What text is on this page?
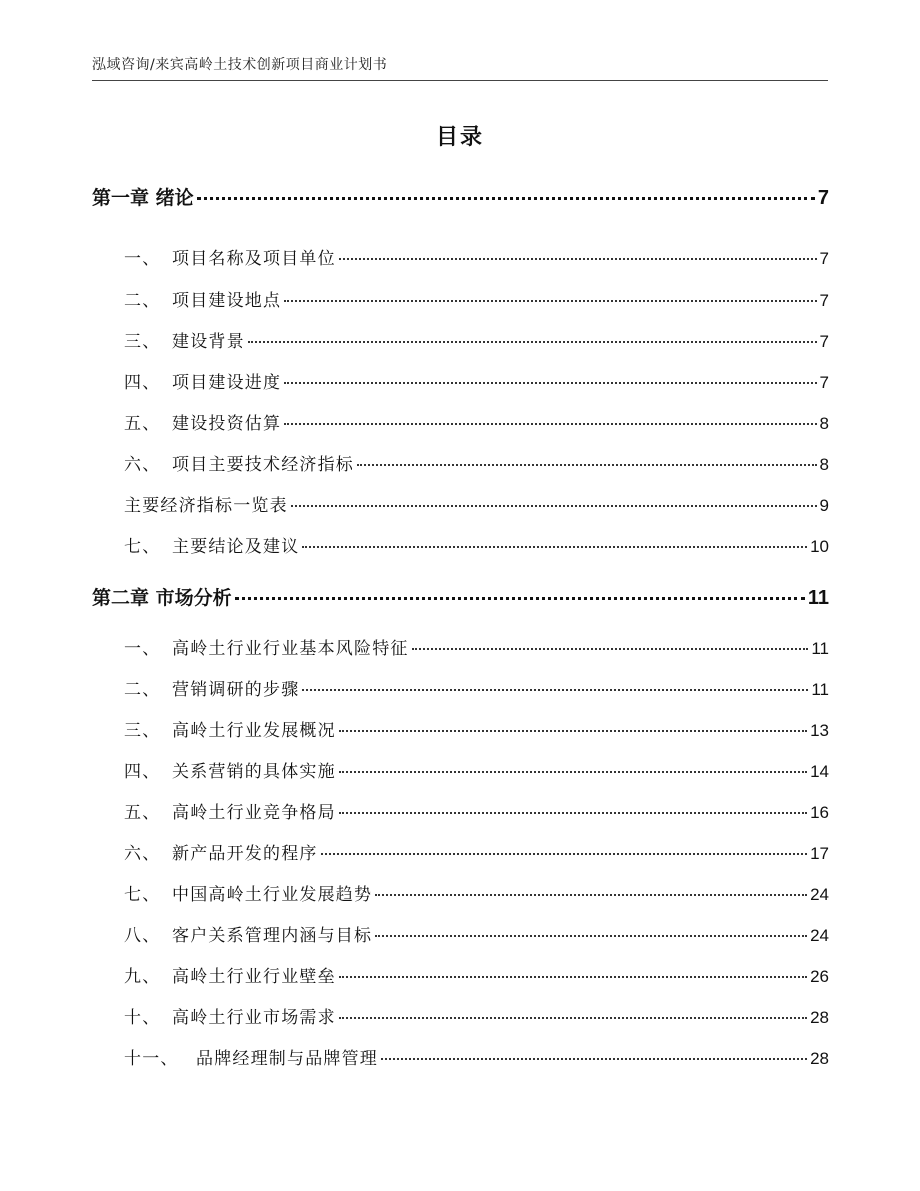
泓域咨询/来宾高岭土技术创新项目商业计划书
目录
第一章 绪论	7
一、 项目名称及项目单位	7
二、 项目建设地点	7
三、 建设背景	7
四、 项目建设进度	7
五、 建设投资估算	8
六、 项目主要技术经济指标	8
主要经济指标一览表	9
七、 主要结论及建议	10
第二章 市场分析	11
一、 高岭土行业行业基本风险特征	11
二、 营销调研的步骤	11
三、 高岭土行业发展概况	13
四、 关系营销的具体实施	14
五、 高岭土行业竞争格局	16
六、 新产品开发的程序	17
七、 中国高岭土行业发展趋势	24
八、 客户关系管理内涵与目标	24
九、 高岭土行业行业壁垒	26
十、 高岭土行业市场需求	28
十一、 品牌经理制与品牌管理	28
